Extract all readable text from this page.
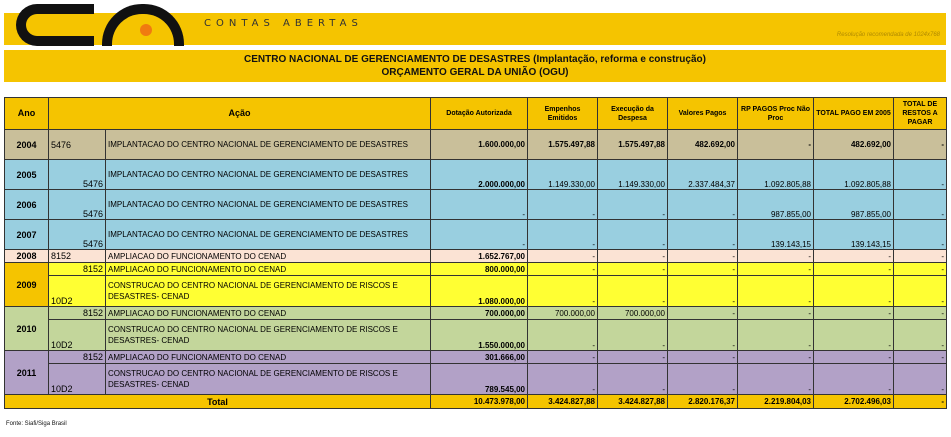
CONTAS ABERTAS
Resolução recomendada de 1024x768
CENTRO NACIONAL DE GERENCIAMENTO DE DESASTRES (Implantação, reforma e construção)
ORÇAMENTO GERAL DA UNIÃO (OGU)
Ano	Ação		Dotação Autorizada	Empenhos Emitidos	Execução da Despesa	Valores Pagos	RP PAGOS Proc Não Proc	TOTAL PAGO EM 2005	TOTAL DE RESTOS A PAGAR
2004	5476	IMPLANTACAO DO CENTRO NACIONAL DE GERENCIAMENTO DE DESASTRES	1.600.000,00	1.575.497,88	1.575.497,88	482.692,00	-	482.692,00	-
2005	5476	IMPLANTACAO DO CENTRO NACIONAL DE GERENCIAMENTO DE DESASTRES	2.000.000,00	1.149.330,00	1.149.330,00	2.337.484,37	1.092.805,88	1.092.805,88	-
2006	5476	IMPLANTACAO DO CENTRO NACIONAL DE GERENCIAMENTO DE DESASTRES	-	-	-	-	987.855,00	987.855,00	-
2007	5476	IMPLANTACAO DO CENTRO NACIONAL DE GERENCIAMENTO DE DESASTRES	-	-	-	-	139.143,15	139.143,15	-
2008	8152	AMPLIACAO DO FUNCIONAMENTO DO CENAD	1.652.767,00	-	-	-	-	-	-
2009	8152	AMPLIACAO DO FUNCIONAMENTO DO CENAD	800.000,00	-	-	-	-	-	-
	10D2	CONSTRUCAO DO CENTRO NACIONAL DE GERENCIAMENTO DE RISCOS E DESASTRES- CENAD	1.080.000,00	-	-	-	-	-	-
2010	8152	AMPLIACAO DO FUNCIONAMENTO DO CENAD	700.000,00	700.000,00	700.000,00	-	-	-	-
	10D2	CONSTRUCAO DO CENTRO NACIONAL DE GERENCIAMENTO DE RISCOS E DESASTRES- CENAD	1.550.000,00	-	-	-	-	-	-
2011	8152	AMPLIACAO DO FUNCIONAMENTO DO CENAD	301.666,00	-	-	-	-	-	-
	10D2	CONSTRUCAO DO CENTRO NACIONAL DE GERENCIAMENTO DE RISCOS E DESASTRES- CENAD	789.545,00	-	-	-	-	-	-
Total			10.473.978,00	3.424.827,88	3.424.827,88	2.820.176,37	2.219.804,03	2.702.496,03	-
Fonte: Siafi/Siga Brasil
